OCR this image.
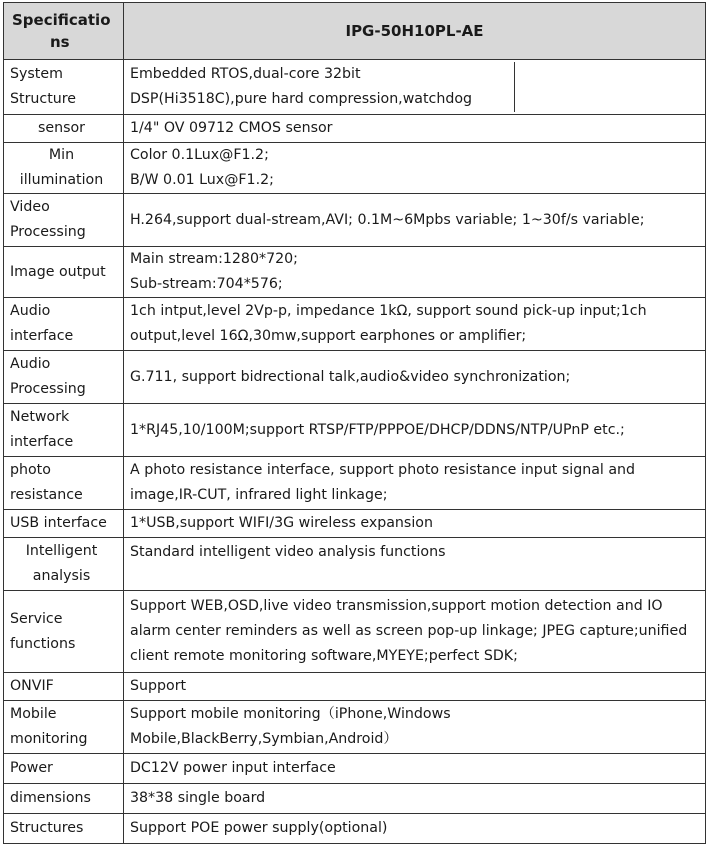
Specificatio
ns	IPG-50H10PL-AE

System
Structure	Embedded RTOS,dual-core 32bit
DSP(Hi3518C),pure hard compression,watchdog

sensor	1/4" OV 09712 CMOS sensor

Min
illumination	Color 0.1Lux@F1.2;
B/W 0.01 Lux@F1.2;

Video
Processing	H.264,support dual-stream,AVI; 0.1M~6Mpbs variable; 1~30f/s variable;

Image output	Main stream:1280*720;
Sub-stream:704*576;

Audio
interface	1ch intput,level 2Vp-p, impedance 1kΩ, support sound pick-up input;1ch
output,level 16Ω,30mw,support earphones or amplifier;

Audio
Processing	G.711, support bidrectional talk,audio&video synchronization;

Network
interface	1*RJ45,10/100M;support RTSP/FTP/PPPOE/DHCP/DDNS/NTP/UPnP etc.;

photo
resistance	A photo resistance interface, support photo resistance input signal and
image,IR-CUT, infrared light linkage;

USB interface	1*USB,support WIFI/3G wireless expansion

Intelligent
analysis	Standard intelligent video analysis functions

Service
functions	Support WEB,OSD,live video transmission,support motion detection and IO
alarm center reminders as well as screen pop-up linkage; JPEG capture;unified
client remote monitoring software,MYEYE;perfect SDK;

ONVIF	Support

Mobile
monitoring	Support mobile monitoring（iPhone,Windows
Mobile,BlackBerry,Symbian,Android）

Power	DC12V power input interface

dimensions	38*38 single board

Structures	Support POE power supply(optional)
